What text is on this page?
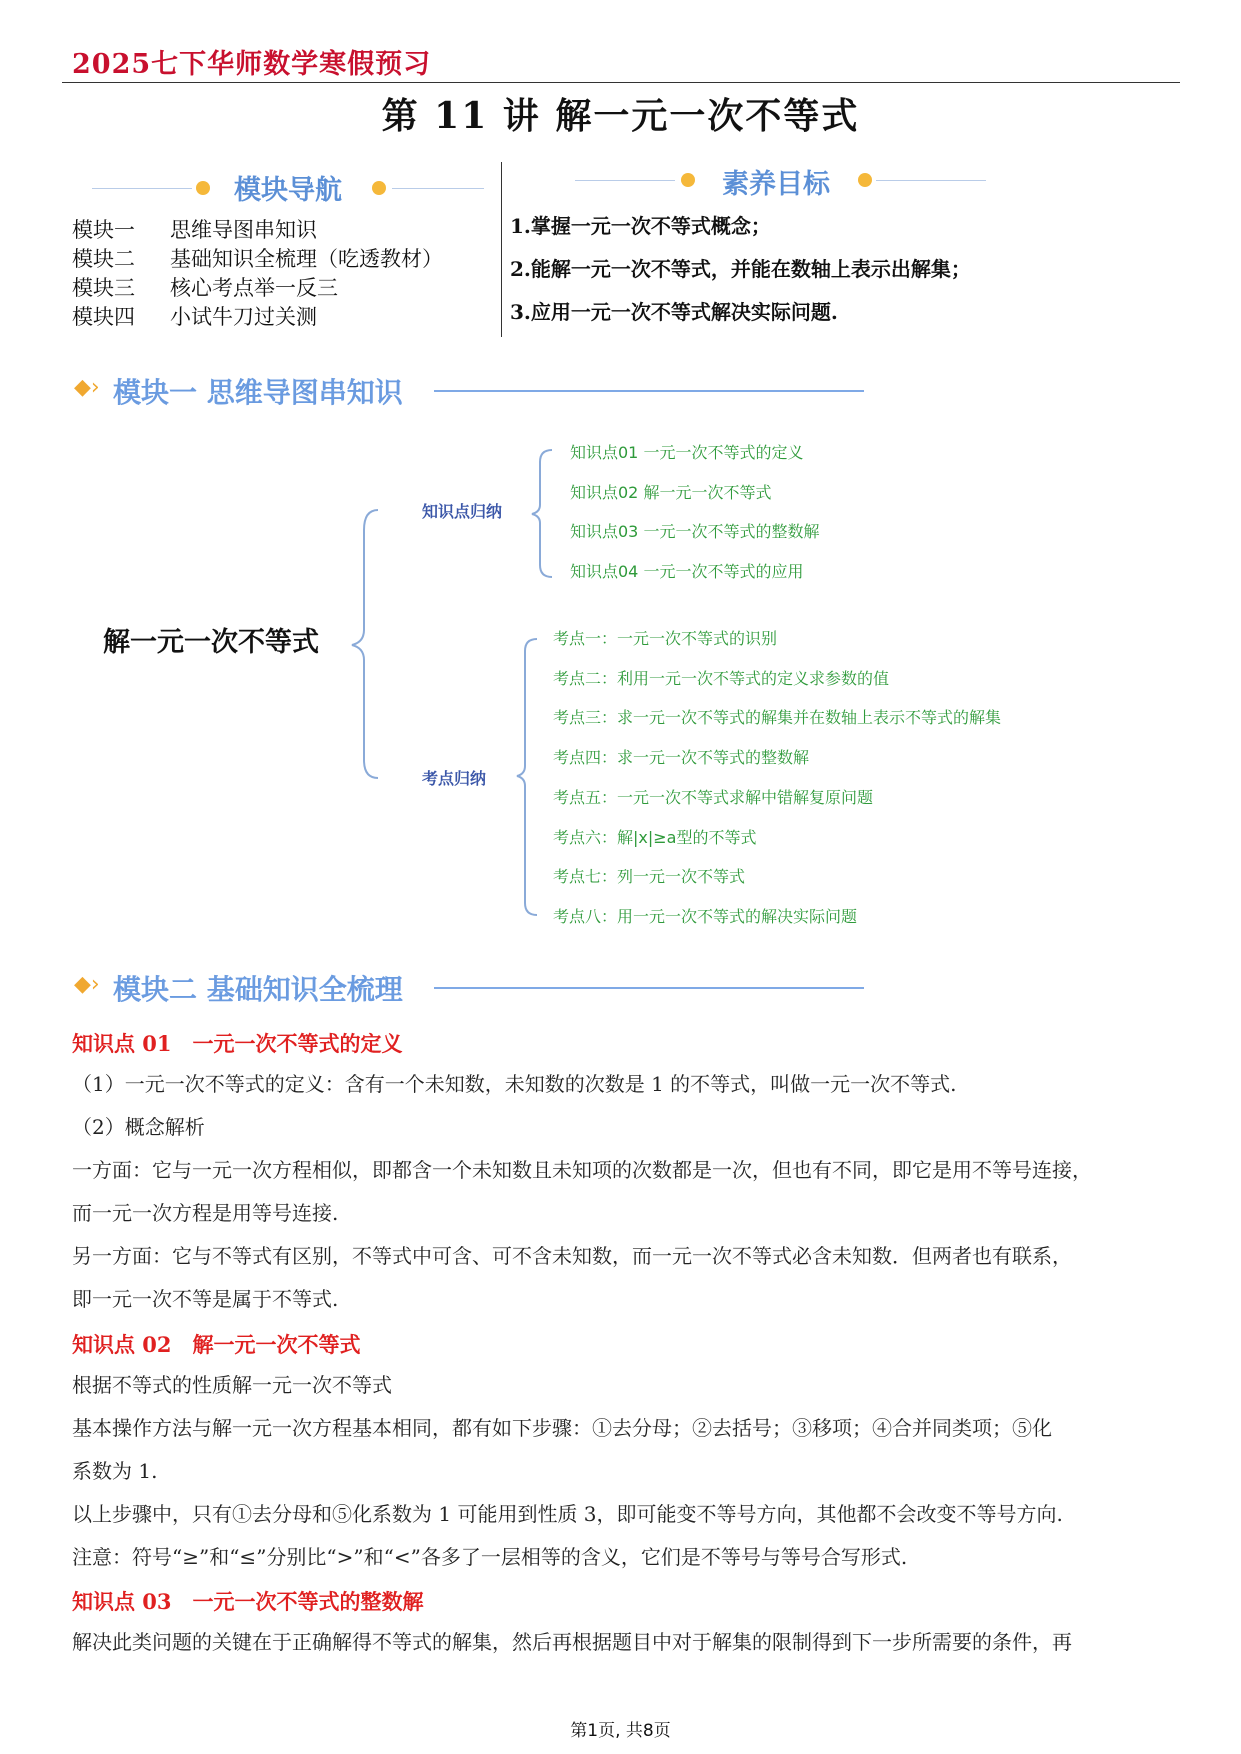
2025七下华师数学寒假预习
第 11 讲 解一元一次不等式
模块导航	素养目标
模块一 思维导图串知识
模块二 基础知识全梳理（吃透教材）
模块三 核心考点举一反三
模块四 小试牛刀过关测
1.掌握一元一次不等式概念；
2.能解一元一次不等式，并能在数轴上表示出解集；
3.应用一元一次不等式解决实际问题.
◆› 模块一 思维导图串知识
解一元一次不等式
知识点归纳
考点归纳
知识点01 一元一次不等式的定义
知识点02 解一元一次不等式
知识点03 一元一次不等式的整数解
知识点04 一元一次不等式的应用
考点一：一元一次不等式的识别
考点二：利用一元一次不等式的定义求参数的值
考点三：求一元一次不等式的解集并在数轴上表示不等式的解集
考点四：求一元一次不等式的整数解
考点五：一元一次不等式求解中错解复原问题
考点六：解|x|≥a型的不等式
考点七：列一元一次不等式
考点八：用一元一次不等式的解决实际问题
◆› 模块二 基础知识全梳理
知识点 01　一元一次不等式的定义
（1）一元一次不等式的定义：含有一个未知数，未知数的次数是 1 的不等式，叫做一元一次不等式.
（2）概念解析
一方面：它与一元一次方程相似，即都含一个未知数且未知项的次数都是一次，但也有不同，即它是用不等号连接，
而一元一次方程是用等号连接.
另一方面：它与不等式有区别，不等式中可含、可不含未知数，而一元一次不等式必含未知数．但两者也有联系，
即一元一次不等是属于不等式.
知识点 02　解一元一次不等式
根据不等式的性质解一元一次不等式
基本操作方法与解一元一次方程基本相同，都有如下步骤：①去分母；②去括号；③移项；④合并同类项；⑤化
系数为 1.
以上步骤中，只有①去分母和⑤化系数为 1 可能用到性质 3，即可能变不等号方向，其他都不会改变不等号方向.
注意：符号“≥”和“≤”分别比“>”和“<”各多了一层相等的含义，它们是不等号与等号合写形式.
知识点 03　一元一次不等式的整数解
解决此类问题的关键在于正确解得不等式的解集，然后再根据题目中对于解集的限制得到下一步所需要的条件，再
第1页, 共8页
